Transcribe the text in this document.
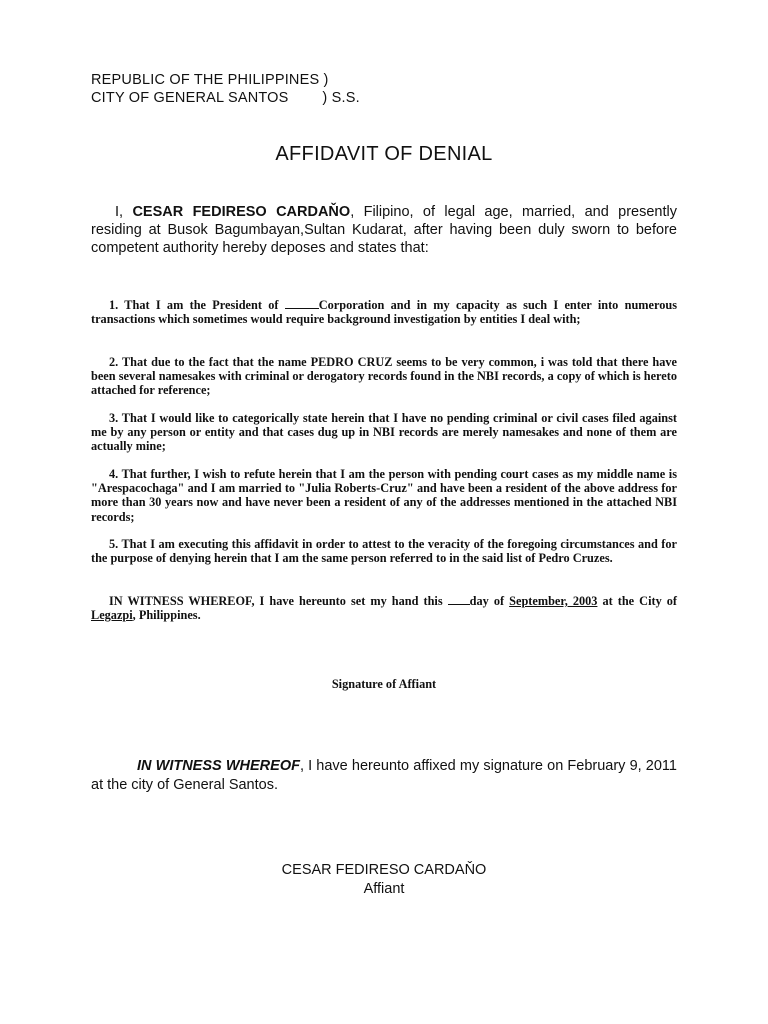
REPUBLIC OF THE PHILIPPINES )
CITY OF GENERAL SANTOS        ) S.S.
AFFIDAVIT OF DENIAL
I, CESAR FEDIRESO CARDAŇO, Filipino, of legal age, married, and presently residing at Busok Bagumbayan,Sultan Kudarat, after having been duly sworn to before competent authority hereby deposes and states that:
1. That I am the President of	Corporation and in my capacity as such I enter into numerous transactions which sometimes would require background investigation by entities I deal with;
2. That due to the fact that the name PEDRO CRUZ seems to be very common, i was told that there have been several namesakes with criminal or derogatory records found in the NBI records, a copy of which is hereto attached for reference;
3. That I would like to categorically state herein that I have no pending criminal or civil cases filed against me by any person or entity and that cases dug up in NBI records are merely namesakes and none of them are actually mine;
4. That further, I wish to refute herein that I am the person with pending court cases as my middle name is "Arespacochaga" and I am married to "Julia Roberts-Cruz" and have been a resident of the above address for more than 30 years now and have never been a resident of any of the addresses mentioned in the attached NBI records;
5. That I am executing this affidavit in order to attest to the veracity of the foregoing circumstances and for the purpose of denying herein that I am the same person referred to in the said list of Pedro Cruzes.
IN WITNESS WHEREOF, I have hereunto set my hand this day of September, 2003 at the City of Legazpi, Philippines.
Signature of Affiant
IN WITNESS WHEREOF, I have hereunto affixed my signature on February 9, 2011 at the city of General Santos.
CESAR FEDIRESO CARDAŇO
Affiant
